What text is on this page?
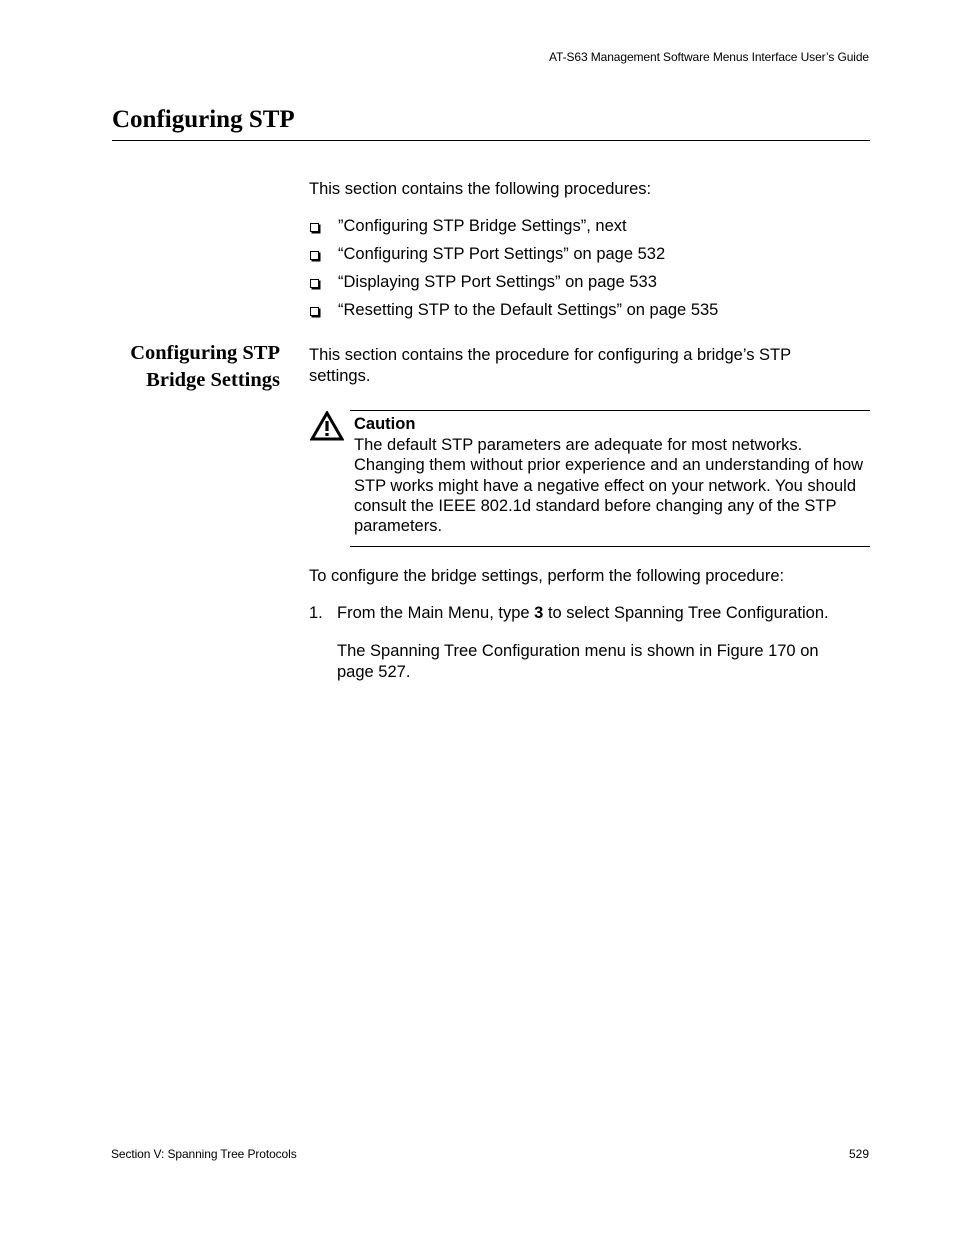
AT-S63 Management Software Menus Interface User’s Guide
Configuring STP

This section contains the following procedures:

”Configuring STP Bridge Settings”, next
“Configuring STP Port Settings” on page 532
“Displaying STP Port Settings” on page 533
“Resetting STP to the Default Settings” on page 535
Configuring STP
Bridge Settings

This section contains the procedure for configuring a bridge’s STP settings.

Caution

The default STP parameters are adequate for most networks. Changing them without prior experience and an understanding of how STP works might have a negative effect on your network. You should consult the IEEE 802.1d standard before changing any of the STP parameters.

To configure the bridge settings, perform the following procedure:

1. From the Main Menu, type 3 to select Spanning Tree Configuration.

The Spanning Tree Configuration menu is shown in Figure 170 on page 527.

Section V: Spanning Tree Protocols	529
